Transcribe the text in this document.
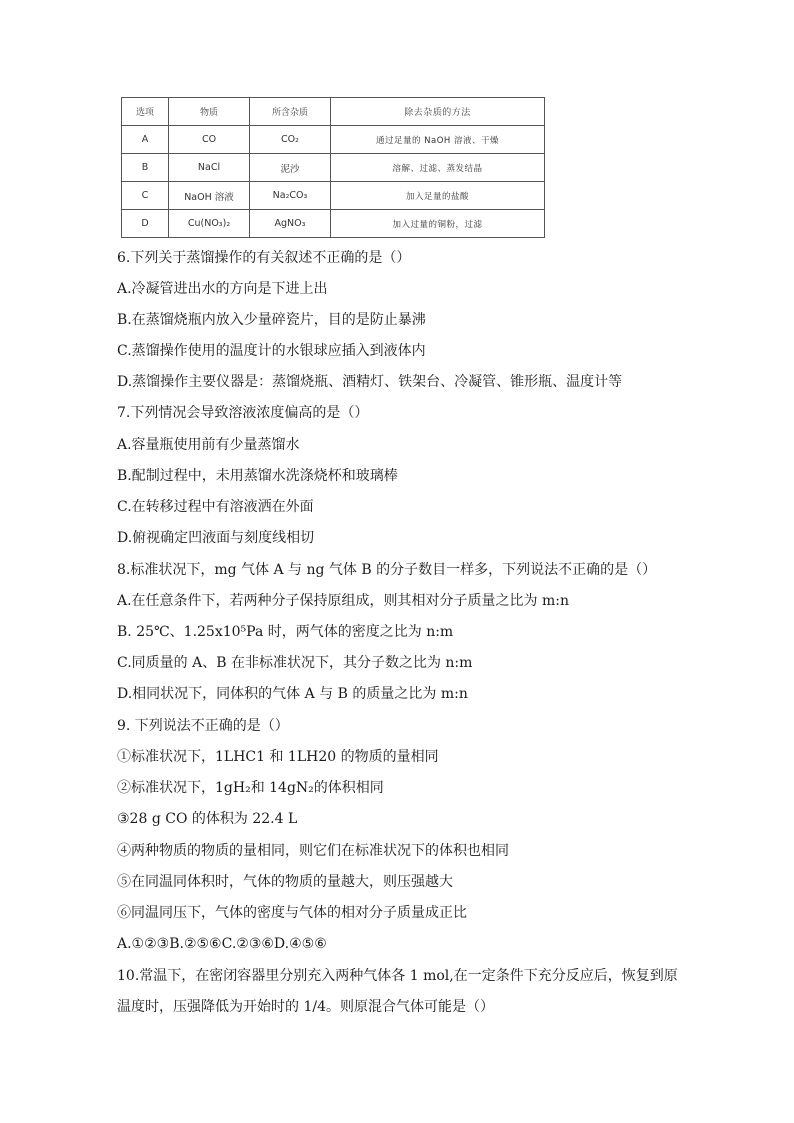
选项	物质	所含杂质	除去杂质的方法
A	CO	CO₂	通过足量的 NaOH 溶液、干燥
B	NaCl	泥沙	溶解、过滤、蒸发结晶
C	NaOH 溶液	Na₂CO₃	加入足量的盐酸
D	Cu(NO₃)₂	AgNO₃	加入过量的铜粉，过滤
6.下列关于蒸馏操作的有关叙述不正确的是（）
A.冷凝管进出水的方向是下进上出
B.在蒸馏烧瓶内放入少量碎瓷片，目的是防止暴沸
C.蒸馏操作使用的温度计的水银球应插入到液体内
D.蒸馏操作主要仪器是：蒸馏烧瓶、酒精灯、铁架台、冷凝管、锥形瓶、温度计等
7.下列情况会导致溶液浓度偏高的是（）
A.容量瓶使用前有少量蒸馏水
B.配制过程中，未用蒸馏水洗涤烧杯和玻璃棒
C.在转移过程中有溶液洒在外面
D.俯视确定凹液面与刻度线相切
8.标准状况下，mg 气体 A 与 ng 气体 B 的分子数目一样多，下列说法不正确的是（）
A.在任意条件下，若两种分子保持原组成，则其相对分子质量之比为 m:n
B. 25℃、1.25x10⁵Pa 时，两气体的密度之比为 n:m
C.同质量的 A、B 在非标准状况下，其分子数之比为 n:m
D.相同状况下，同体积的气体 A 与 B 的质量之比为 m:n
9. 下列说法不正确的是（）
①标准状况下，1LHC1 和 1LH20 的物质的量相同
②标准状况下，1gH₂和 14gN₂的体积相同
③28 g CO 的体积为 22.4 L
④两种物质的物质的量相同，则它们在标准状况下的体积也相同
⑤在同温同体积时，气体的物质的量越大，则压强越大
⑥同温同压下，气体的密度与气体的相对分子质量成正比
A.①②③B.②⑤⑥C.②③⑥D.④⑤⑥
10.常温下，在密闭容器里分别充入两种气体各 1 mol,在一定条件下充分反应后，恢复到原
温度时，压强降低为开始时的 1/4。则原混合气体可能是（）
